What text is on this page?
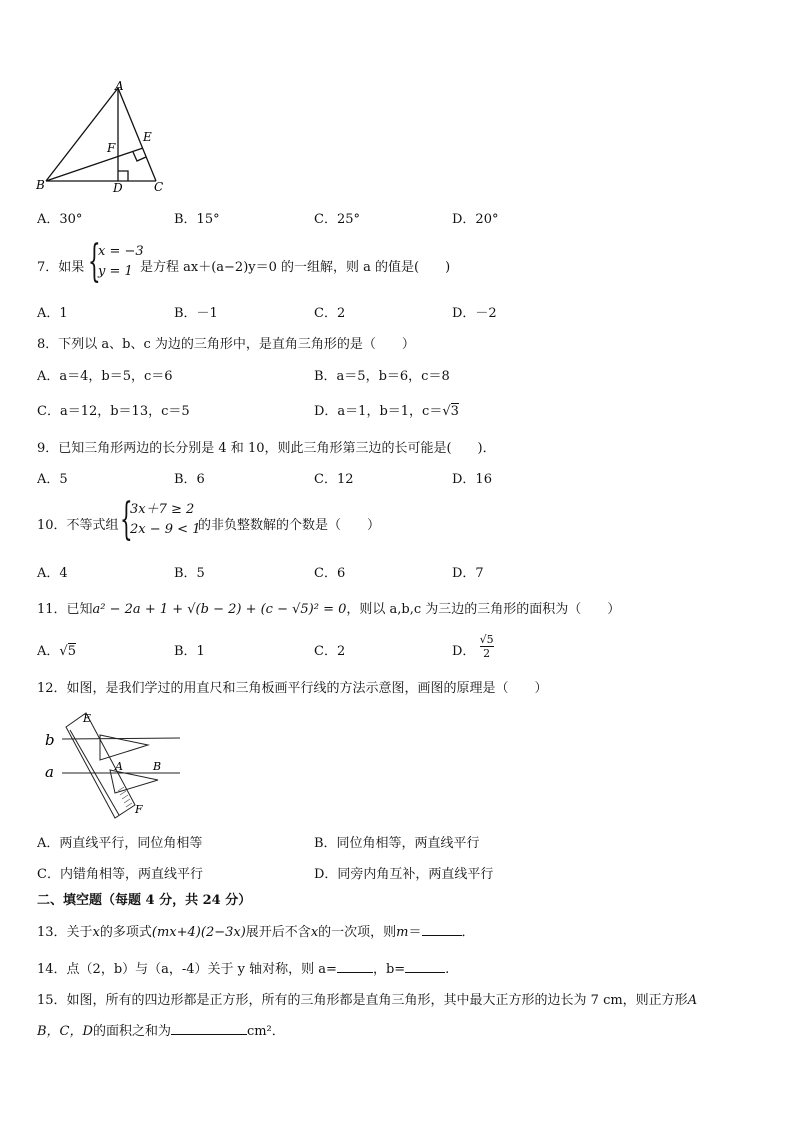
A
B	C
D
E
F
A．30°	B．15°	C．25°	D．20°
7．如果 {
x = −3
y = 1 是方程 ax＋(a−2)y＝0 的一组解，则 a 的值是(　　)
A．1	B．－1	C．2	D．－2
8．下列以 a、b、c 为边的三角形中，是直角三角形的是（　　）
A．a＝4，b＝5，c＝6	B．a＝5，b＝6，c＝8
C．a＝12，b＝13，c＝5	D．a＝1，b＝1，c＝√3
9．已知三角形两边的长分别是 4 和 10，则此三角形第三边的长可能是(　　)．
A．5	B．6	C．12	D．16
10．不等式组 {
3x＋7 ≥ 2
2x − 9 < 1
的非负整数解的个数是（　　）
A．4	B．5	C．6	D．7
11．已知a² − 2a + 1 + √(b − 2) + (c − √5)² = 0，则以 a,b,c 为三边的三角形的面积为（　　）
A．√5	B．1	C．2	D． $\frac{√5}{2}$
12．如图，是我们学过的用直尺和三角板画平行线的方法示意图，画图的原理是（　　）
b
a
E
A	B
F
A．两直线平行，同位角相等	B．同位角相等，两直线平行
C．内错角相等，两直线平行	D．同旁内角互补，两直线平行
二、填空题（每题 4 分，共 24 分）
13．关于x的多项式(mx+4)(2−3x)展开后不含x的一次项，则m＝	．
14．点（2，b）与（a，-4）关于 y 轴对称，则 a=	，b=	.
15．如图，所有的四边形都是正方形，所有的三角形都是直角三角形，其中最大正方形的边长为 7 cm，则正方形A
B，C，D的面积之和为	cm²．
